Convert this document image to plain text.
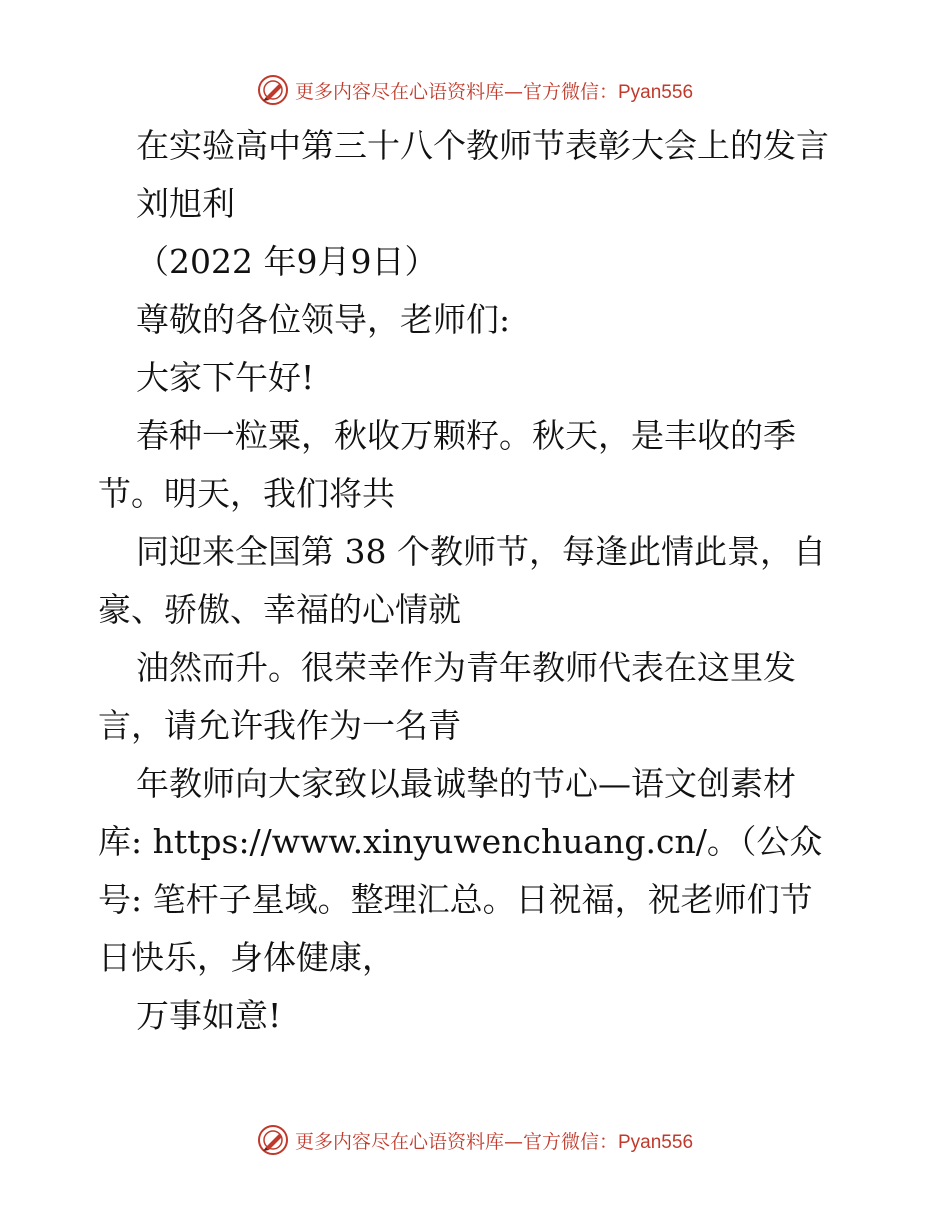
更多内容尽在心语资料库—官方微信：Pyan556
在实验高中第三十八个教师节表彰大会上的发言
刘旭利
（2022 年9月9日）
尊敬的各位领导，老师们:
大家下午好!
春种一粒粟，秋收万颗籽。秋天，是丰收的季
节。明天，我们将共
同迎来全国第 38 个教师节，每逢此情此景，自
豪、骄傲、幸福的心情就
油然而升。很荣幸作为青年教师代表在这里发
言，请允许我作为一名青
年教师向大家致以最诚挚的节心—语文创素材
库: https://www.xinyuwenchuang.cn/。（公众
号: 笔杆子星域。整理汇总。日祝福，祝老师们节
日快乐，身体健康，
万事如意!
更多内容尽在心语资料库—官方微信：Pyan556
